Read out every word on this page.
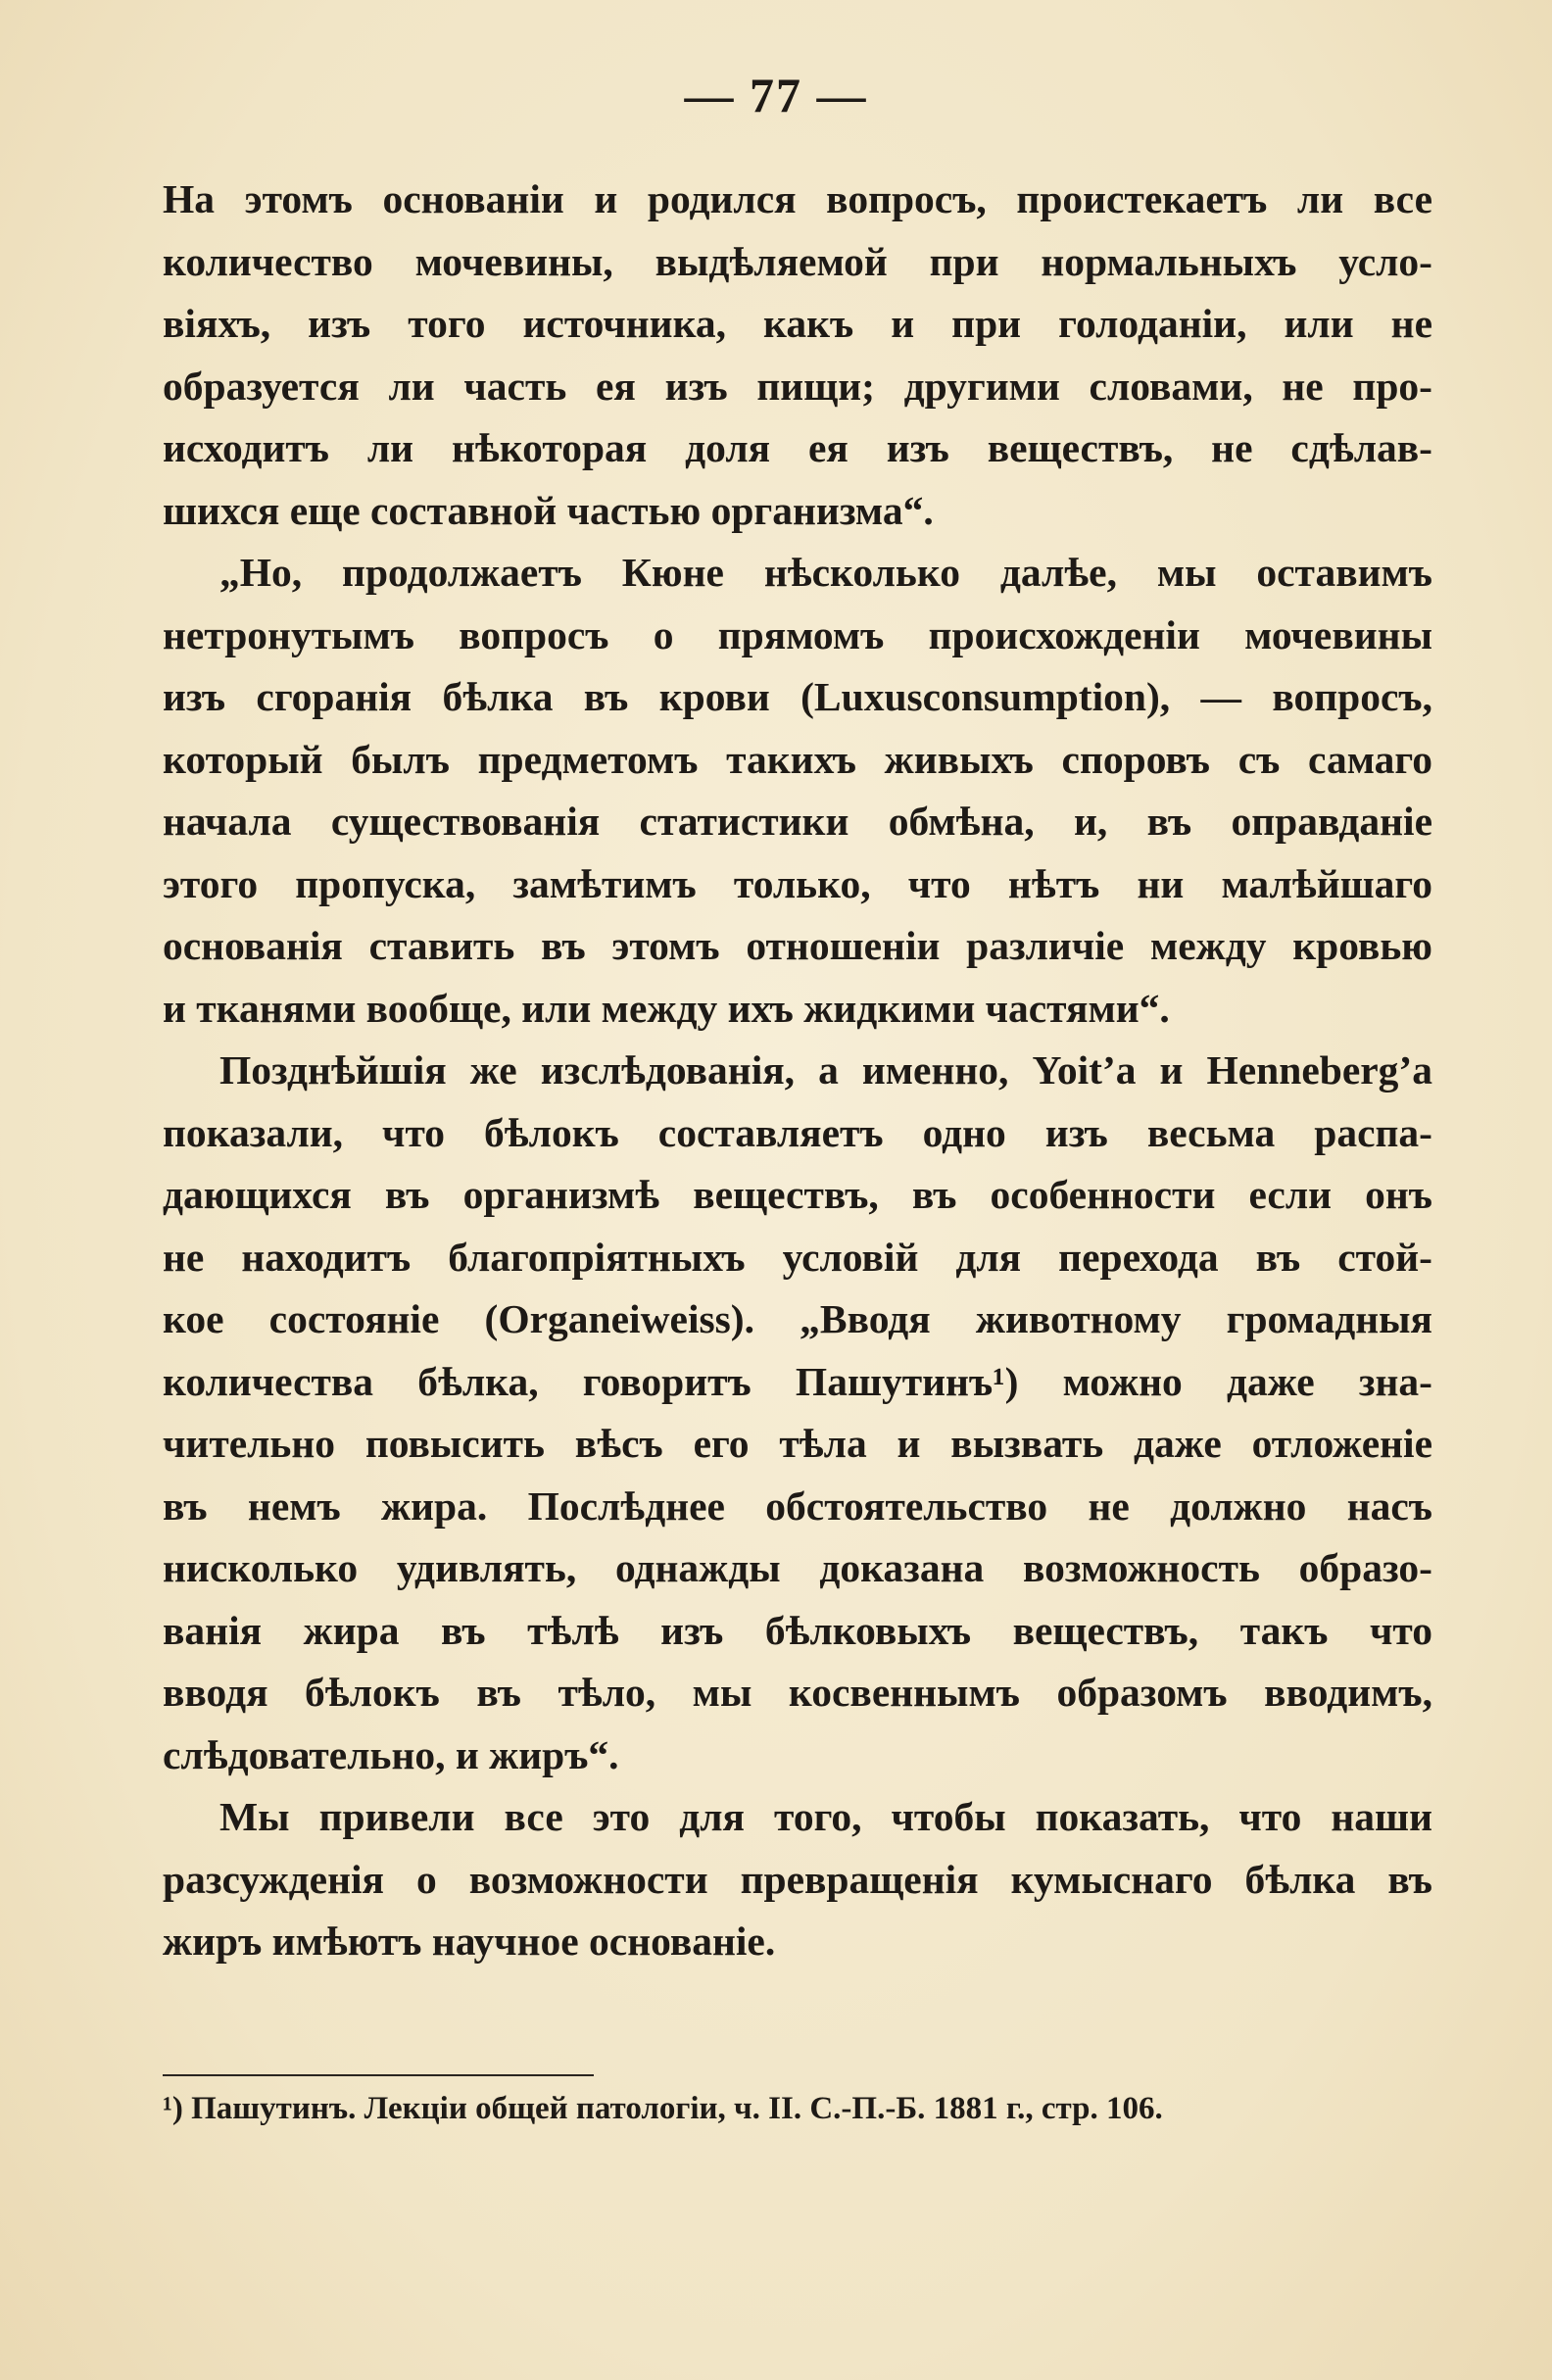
— 77 —
На этомъ основаніи и родился вопросъ, проистекаетъ ли все
количество мочевины, выдѣляемой при нормальныхъ усло-
віяхъ, изъ того источника, какъ и при голоданіи, или не
образуется ли часть ея изъ пищи; другими словами, не про-
исходитъ ли нѣкоторая доля ея изъ веществъ, не сдѣлав-
шихся еще составной частью организма“.
„Но, продолжаетъ Кюне нѣсколько далѣе, мы оставимъ
нетронутымъ вопросъ о прямомъ происхожденіи мочевины
изъ сгоранія бѣлка въ крови (Luxusconsumption), — вопросъ,
который былъ предметомъ такихъ живыхъ споровъ съ самаго
начала существованія статистики обмѣна, и, въ оправданіе
этого пропуска, замѣтимъ только, что нѣтъ ни малѣйшаго
основанія ставить въ этомъ отношеніи различіе между кровью
и тканями вообще, или между ихъ жидкими частями“.
Позднѣйшія же изслѣдованія, а именно, Yoit’a и Henneberg’a
показали, что бѣлокъ составляетъ одно изъ весьма распа-
дающихся въ организмѣ веществъ, въ особенности если онъ
не находитъ благопріятныхъ условій для перехода въ стой-
кое состояніе (Organeiweiss). „Вводя животному громадныя
количества бѣлка, говоритъ Пашутинъ¹) можно даже зна-
чительно повысить вѣсъ его тѣла и вызвать даже отложеніе
въ немъ жира. Послѣднее обстоятельство не должно насъ
нисколько удивлять, однажды доказана возможность образо-
ванія жира въ тѣлѣ изъ бѣлковыхъ веществъ, такъ что
вводя бѣлокъ въ тѣло, мы косвеннымъ образомъ вводимъ,
слѣдовательно, и жиръ“.
Мы привели все это для того, чтобы показать, что наши
разсужденія о возможности превращенія кумыснаго бѣлка въ
жиръ имѣютъ научное основаніе.
¹) Пашутинъ. Лекціи общей патологіи, ч. II. С.-П.-Б. 1881 г., стр. 106.
